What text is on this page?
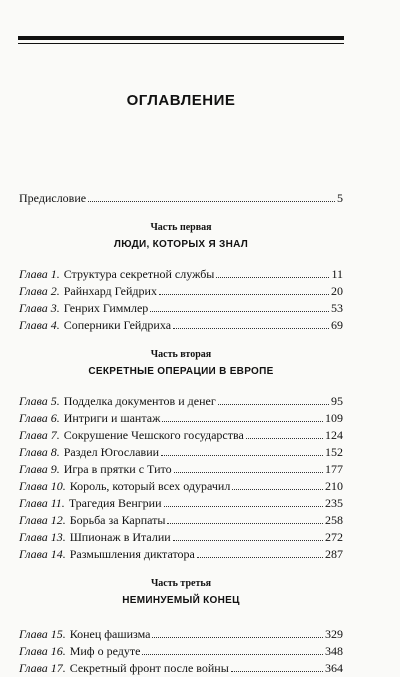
ОГЛАВЛЕНИЕ
Предисловие	5
Часть первая
ЛЮДИ, КОТОРЫХ Я ЗНАЛ
Глава 1. Структура секретной службы	11
Глава 2. Райнхард Гейдрих	20
Глава 3. Генрих Гиммлер	53
Глава 4. Соперники Гейдриха	69
Часть вторая
СЕКРЕТНЫЕ ОПЕРАЦИИ В ЕВРОПЕ
Глава 5. Подделка документов и денег	95
Глава 6. Интриги и шантаж	109
Глава 7. Сокрушение Чешского государства	124
Глава 8. Раздел Югославии	152
Глава 9. Игра в прятки с Тито	177
Глава 10. Король, который всех одурачил	210
Глава 11. Трагедия Венгрии	235
Глава 12. Борьба за Карпаты	258
Глава 13. Шпионаж в Италии	272
Глава 14. Размышления диктатора	287
Часть третья
НЕМИНУЕМЫЙ КОНЕЦ
Глава 15. Конец фашизма	329
Глава 16. Миф о редуте	348
Глава 17. Секретный фронт после войны	364
